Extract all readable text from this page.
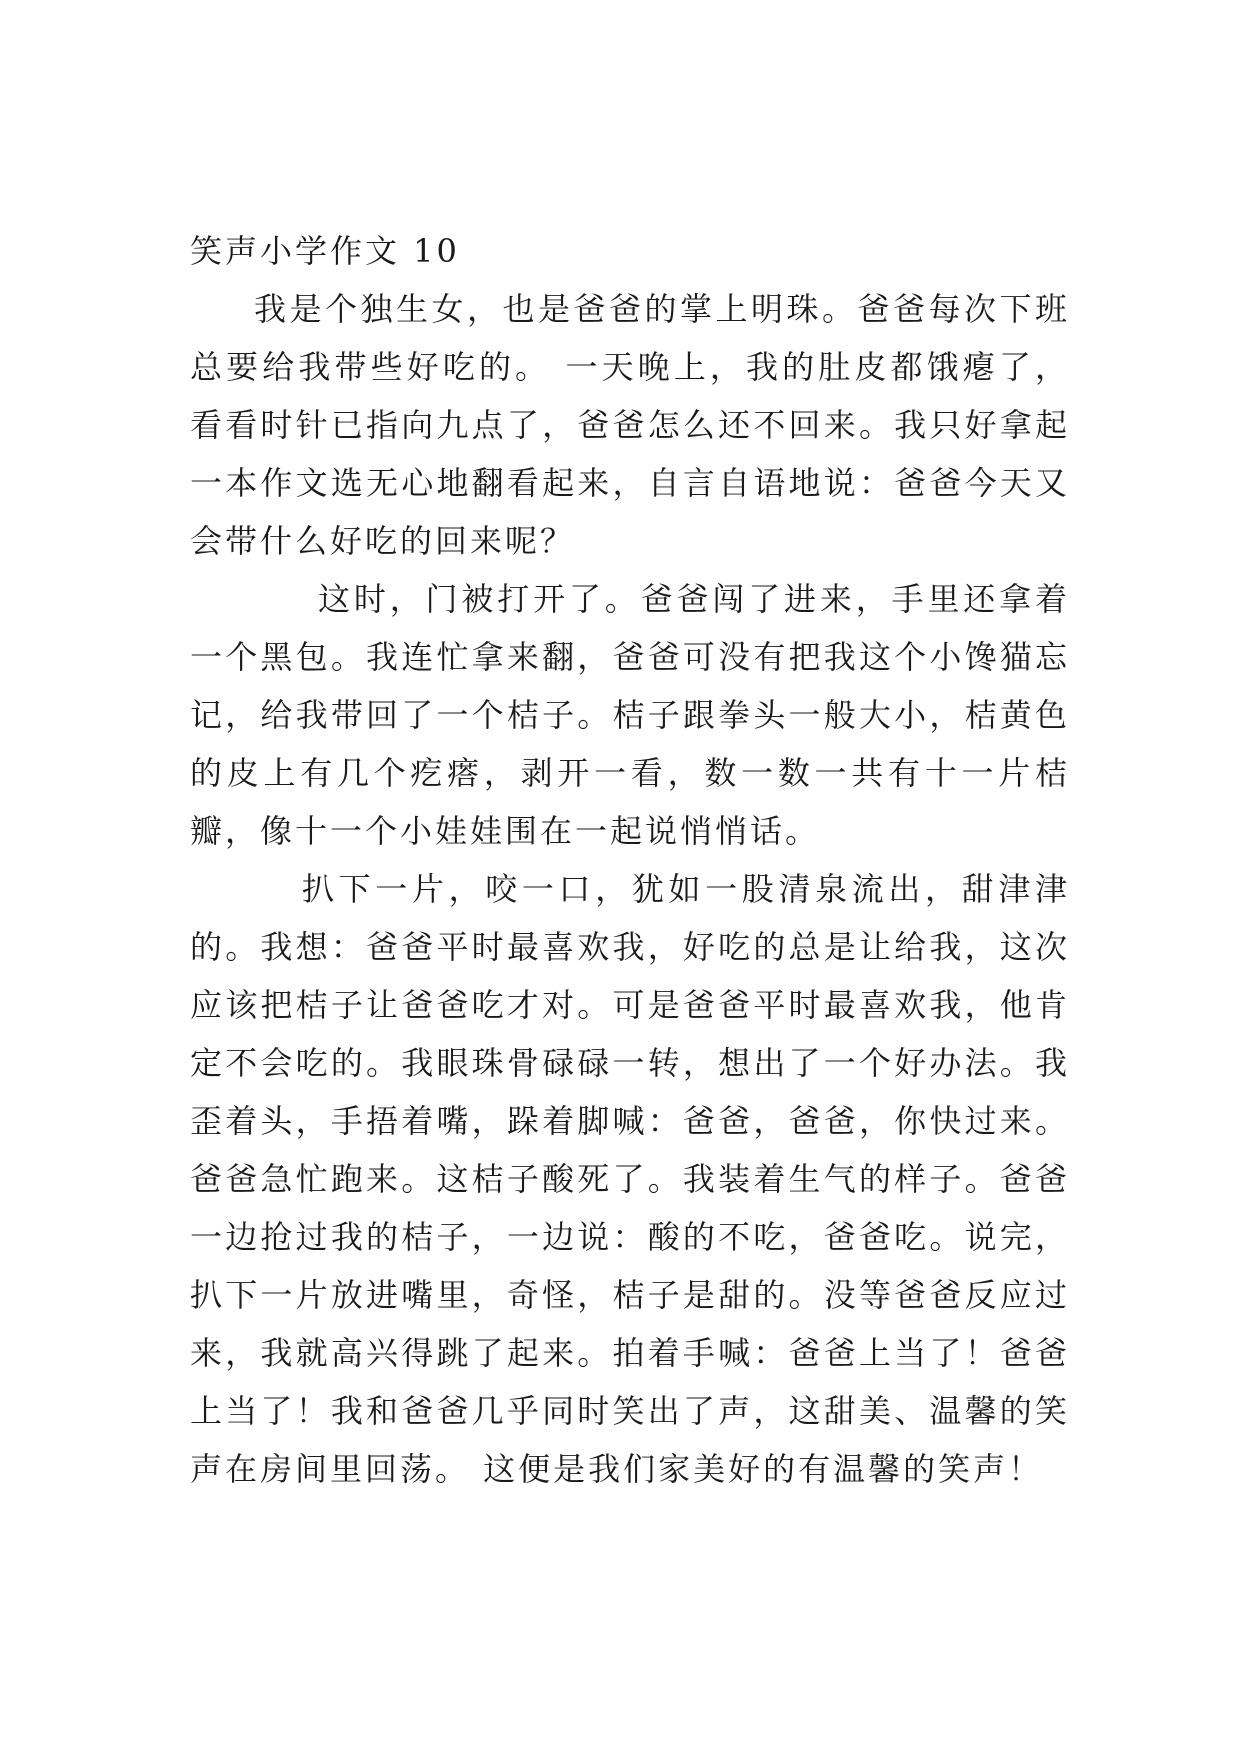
笑声小学作文 10

我是个独生女，也是爸爸的掌上明珠。爸爸每次下班总要给我带些好吃的。 一天晚上，我的肚皮都饿瘪了，看看时针已指向九点了，爸爸怎么还不回来。我只好拿起一本作文选无心地翻看起来，自言自语地说：爸爸今天又会带什么好吃的回来呢？

这时，门被打开了。爸爸闯了进来，手里还拿着一个黑包。我连忙拿来翻，爸爸可没有把我这个小馋猫忘记，给我带回了一个桔子。桔子跟拳头一般大小，桔黄色的皮上有几个疙瘩，剥开一看，数一数一共有十一片桔瓣，像十一个小娃娃围在一起说悄悄话。

扒下一片，咬一口，犹如一股清泉流出，甜津津的。我想：爸爸平时最喜欢我，好吃的总是让给我，这次应该把桔子让爸爸吃才对。可是爸爸平时最喜欢我，他肯定不会吃的。我眼珠骨碌碌一转，想出了一个好办法。我歪着头，手捂着嘴，跺着脚喊：爸爸，爸爸，你快过来。爸爸急忙跑来。这桔子酸死了。我装着生气的样子。爸爸一边抢过我的桔子，一边说：酸的不吃，爸爸吃。说完，扒下一片放进嘴里，奇怪，桔子是甜的。没等爸爸反应过来，我就高兴得跳了起来。拍着手喊：爸爸上当了！爸爸上当了！我和爸爸几乎同时笑出了声，这甜美、温馨的笑声在房间里回荡。 这便是我们家美好的有温馨的笑声！
